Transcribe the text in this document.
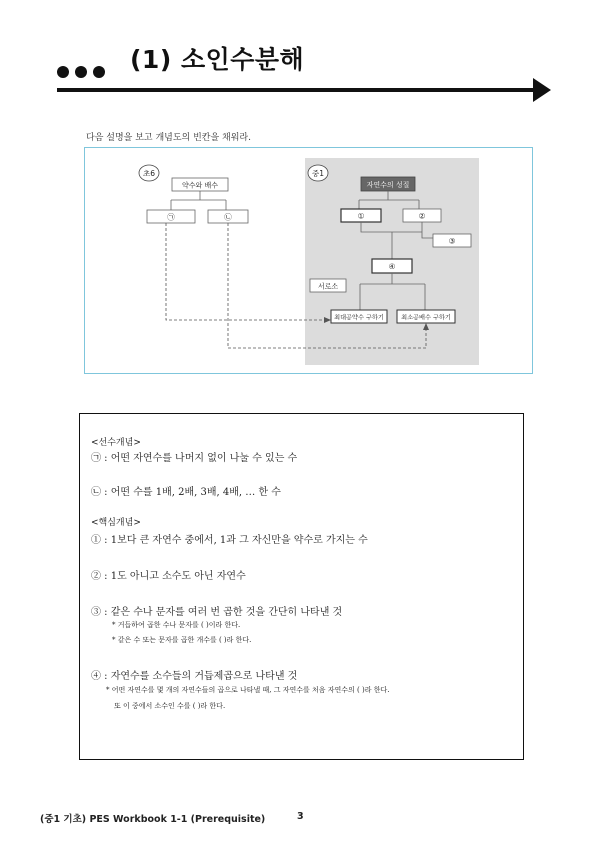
(1) 소인수분해
다음 설명을 보고 개념도의 빈칸을 채워라.
초6	중1
약수와 배수
㉠	㉡
자연수의 성질
①	②
③
④
서로소
최대공약수 구하기	최소공배수 구하기
<선수개념>
㉠ : 어떤 자연수를 나머지 없이 나눌 수 있는 수
㉡ : 어떤 수를 1배, 2배, 3배, 4배, … 한 수
<핵심개념>
① : 1보다 큰 자연수 중에서, 1과 그 자신만을 약수로 가지는 수
② : 1도 아니고 소수도 아닌 자연수
③ : 같은 수나 문자를 여러 번 곱한 것을 간단히 나타낸 것
* 거듭하여 곱한 수나 문자를 ( )이라 한다.
* 같은 수 또는 문자를 곱한 개수를 ( )라 한다.
④ : 자연수를 소수들의 거듭제곱으로 나타낸 것
* 어떤 자연수를 몇 개의 자연수들의 곱으로 나타낼 때, 그 자연수를 처음 자연수의 ( )라 한다.
또 이 중에서 소수인 수를 ( )라 한다.
(중1 기초) PES Workbook 1-1 (Prerequisite)	3
